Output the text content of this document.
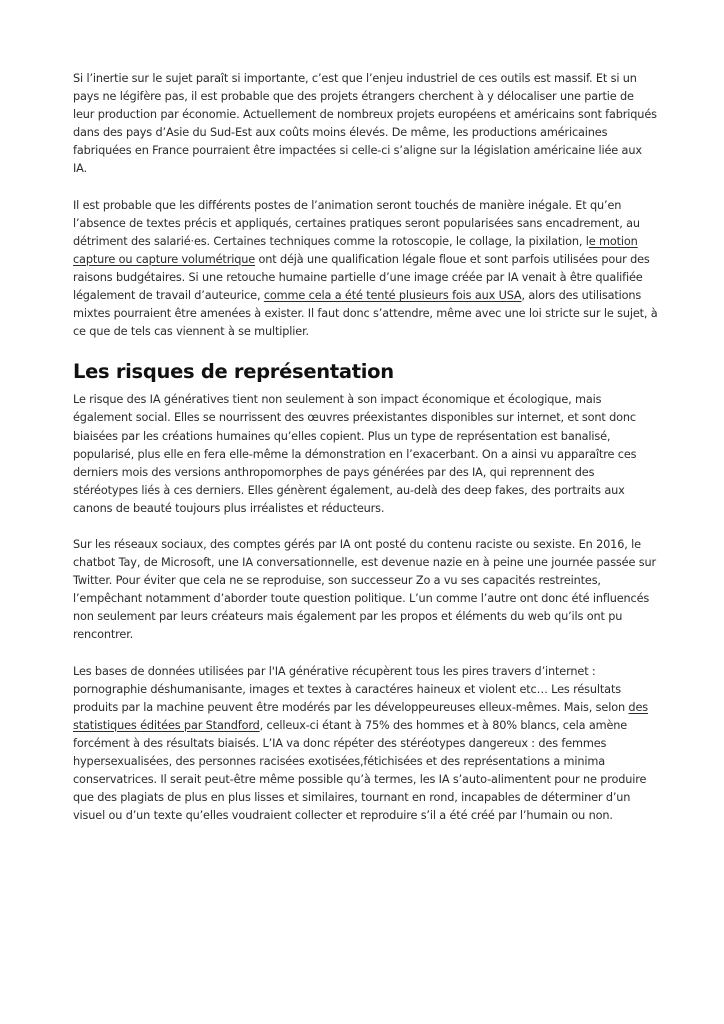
Si l’inertie sur le sujet paraît si importante, c’est que l’enjeu industriel de ces outils est massif. Et si un pays ne légifère pas, il est probable que des projets étrangers cherchent à y délocaliser une partie de leur production par économie. Actuellement de nombreux projets européens et américains sont fabriqués dans des pays d’Asie du Sud-Est aux coûts moins élevés. De même, les productions américaines fabriquées en France pourraient être impactées si celle-ci s’aligne sur la législation américaine liée aux IA.

Il est probable que les différents postes de l’animation seront touchés de manière inégale. Et qu’en l’absence de textes précis et appliqués, certaines pratiques seront popularisées sans encadrement, au détriment des salarié·es. Certaines techniques comme la rotoscopie, le collage, la pixilation, le motion capture ou capture volumétrique ont déjà une qualification légale floue et sont parfois utilisées pour des raisons budgétaires. Si une retouche humaine partielle d’une image créée par IA venait à être qualifiée légalement de travail d’auteurice, comme cela a été tenté plusieurs fois aux USA, alors des utilisations mixtes pourraient être amenées à exister. Il faut donc s’attendre, même avec une loi stricte sur le sujet, à ce que de tels cas viennent à se multiplier.

Les risques de représentation

Le risque des IA génératives tient non seulement à son impact économique et écologique, mais également social. Elles se nourrissent des œuvres préexistantes disponibles sur internet, et sont donc biaisées par les créations humaines qu’elles copient. Plus un type de représentation est banalisé, popularisé, plus elle en fera elle-même la démonstration en l’exacerbant. On a ainsi vu apparaître ces derniers mois des versions anthropomorphes de pays générées par des IA, qui reprennent des stéréotypes liés à ces derniers. Elles génèrent également, au-delà des deep fakes, des portraits aux canons de beauté toujours plus irréalistes et réducteurs.

Sur les réseaux sociaux, des comptes gérés par IA ont posté du contenu raciste ou sexiste. En 2016, le chatbot Tay, de Microsoft, une IA conversationnelle, est devenue nazie en à peine une journée passée sur Twitter. Pour éviter que cela ne se reproduise, son successeur Zo a vu ses capacités restreintes, l’empêchant notamment d’aborder toute question politique. L’un comme l’autre ont donc été influencés non seulement par leurs créateurs mais également par les propos et éléments du web qu’ils ont pu rencontrer.

Les bases de données utilisées par l'IA générative récupèrent tous les pires travers d’internet : pornographie déshumanisante, images et textes à caractéres haineux et violent etc… Les résultats produits par la machine peuvent être modérés par les développeureuses elleux-mêmes. Mais, selon des statistiques éditées par Standford, celleux-ci étant à 75% des hommes et à 80% blancs, cela amène forcément à des résultats biaisés. L’IA va donc répéter des stéréotypes dangereux : des femmes hypersexualisées, des personnes racisées exotisées,fétichisées et des représentations a minima conservatrices. Il serait peut-être même possible qu’à termes, les IA s’auto-alimentent pour ne produire que des plagiats de plus en plus lisses et similaires, tournant en rond, incapables de déterminer d’un visuel ou d’un texte qu’elles voudraient collecter et reproduire s’il a été créé par l’humain ou non.
